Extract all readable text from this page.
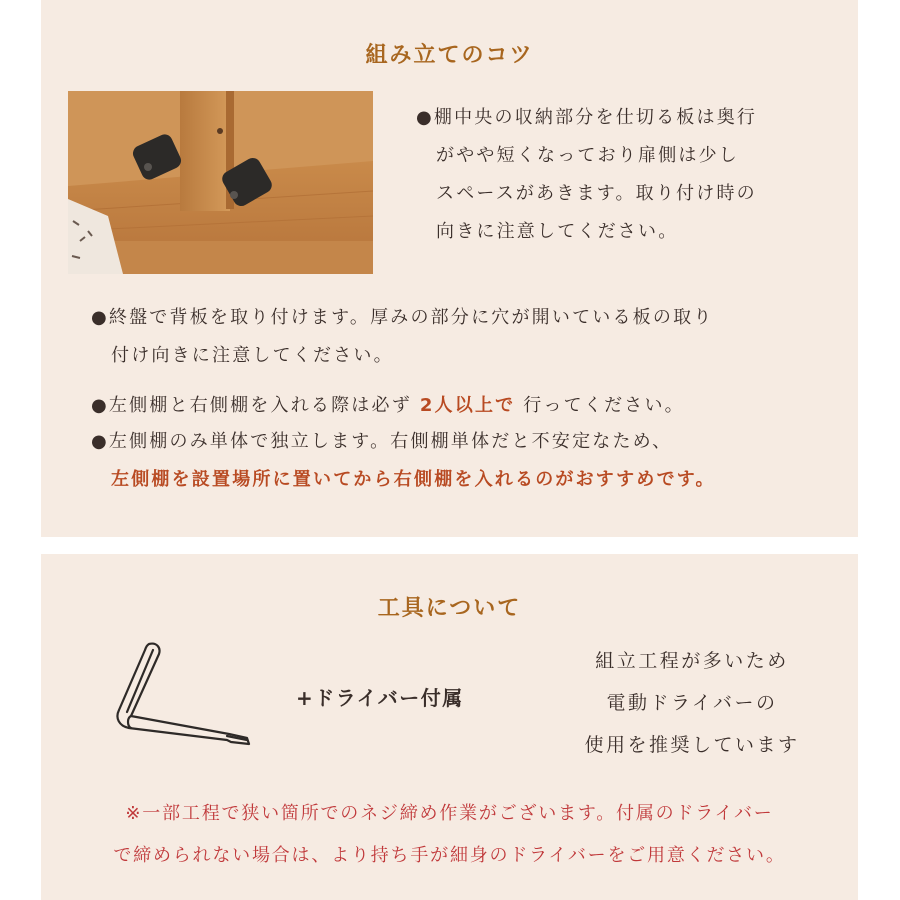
組み立てのコツ
●棚中央の収納部分を仕切る板は奥行
がやや短くなっており扉側は少し
スペースがあきます。取り付け時の
向きに注意してください。
●終盤で背板を取り付けます。厚みの部分に穴が開いている板の取り
付け向きに注意してください。
●左側棚と右側棚を入れる際は必ず 2人以上で 行ってください。
●左側棚のみ単体で独立します。右側棚単体だと不安定なため、
左側棚を設置場所に置いてから右側棚を入れるのがおすすめです。
工具について
+ドライバー付属
組立工程が多いため
電動ドライバーの
使用を推奨しています
※一部工程で狭い箇所でのネジ締め作業がございます。付属のドライバー
で締められない場合は、より持ち手が細身のドライバーをご用意ください。
